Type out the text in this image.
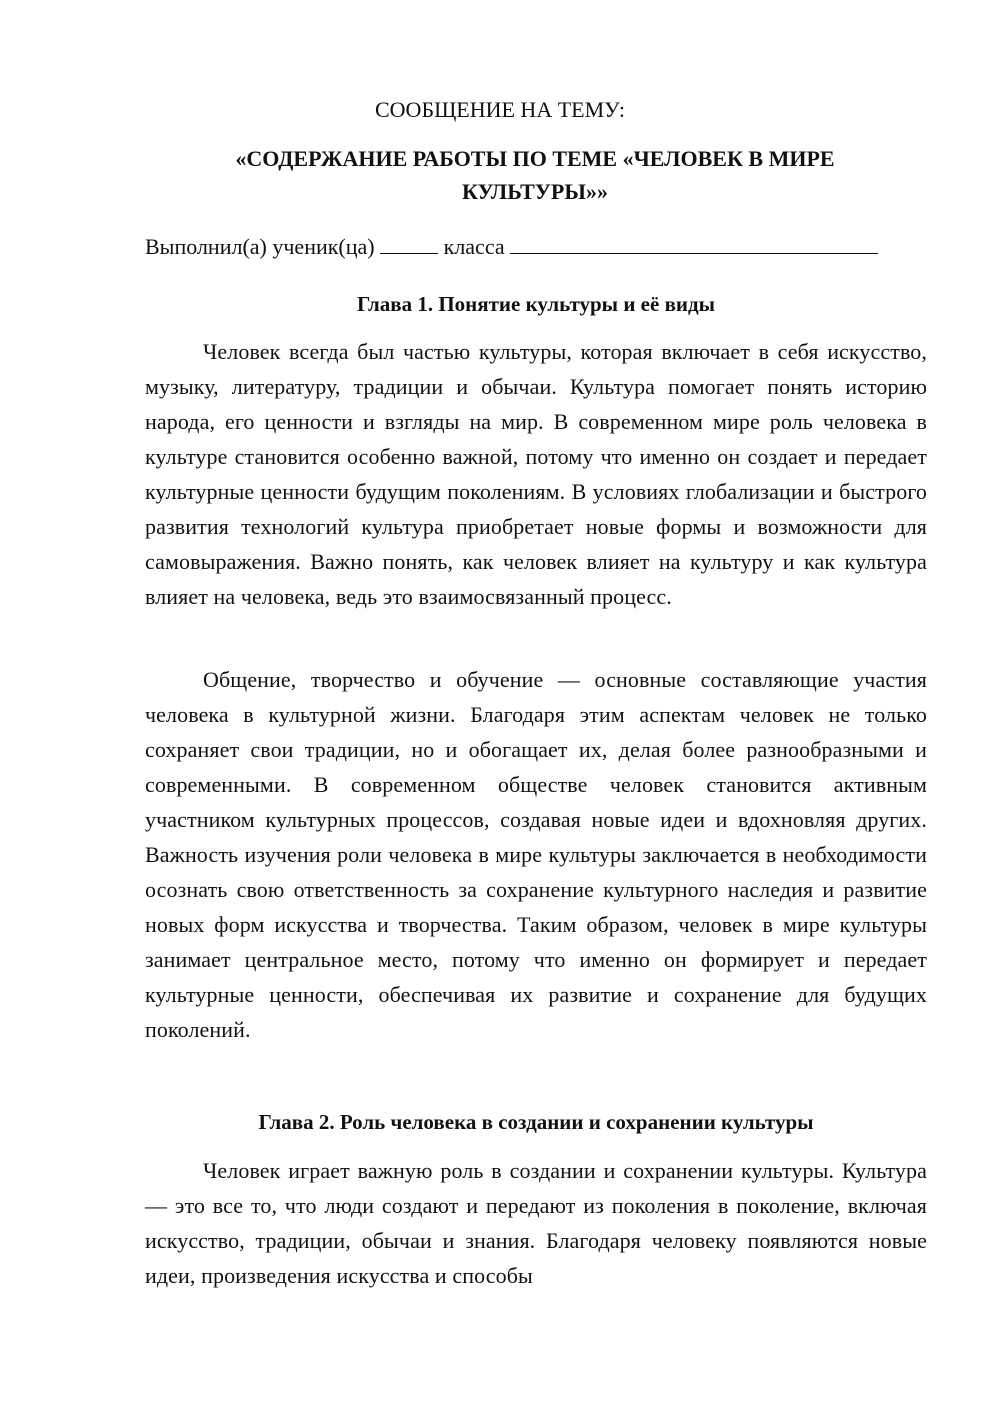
СООБЩЕНИЕ НА ТЕМУ:

«СОДЕРЖАНИЕ РАБОТЫ ПО ТЕМЕ «ЧЕЛОВЕК В МИРЕ КУЛЬТУРЫ»»

Выполнил(а) ученик(ца)	класса

Глава 1. Понятие культуры и её виды

Человек всегда был частью культуры, которая включает в себя искусство, музыку, литературу, традиции и обычаи. Культура помогает понять историю народа, его ценности и взгляды на мир. В современном мире роль человека в культуре становится особенно важной, потому что именно он создает и передает культурные ценности будущим поколениям. В условиях глобализации и быстрого развития технологий культура приобретает новые формы и возможности для самовыражения. Важно понять, как человек влияет на культуру и как культура влияет на человека, ведь это взаимосвязанный процесс.

Общение, творчество и обучение — основные составляющие участия человека в культурной жизни. Благодаря этим аспектам человек не только сохраняет свои традиции, но и обогащает их, делая более разнообразными и современными. В современном обществе человек становится активным участником культурных процессов, создавая новые идеи и вдохновляя других. Важность изучения роли человека в мире культуры заключается в необходимости осознать свою ответственность за сохранение культурного наследия и развитие новых форм искусства и творчества. Таким образом, человек в мире культуры занимает центральное место, потому что именно он формирует и передает культурные ценности, обеспечивая их развитие и сохранение для будущих поколений.

Глава 2. Роль человека в создании и сохранении культуры

Человек играет важную роль в создании и сохранении культуры. Культура — это все то, что люди создают и передают из поколения в поколение, включая искусство, традиции, обычаи и знания. Благодаря человеку появляются новые идеи, произведения искусства и способы
